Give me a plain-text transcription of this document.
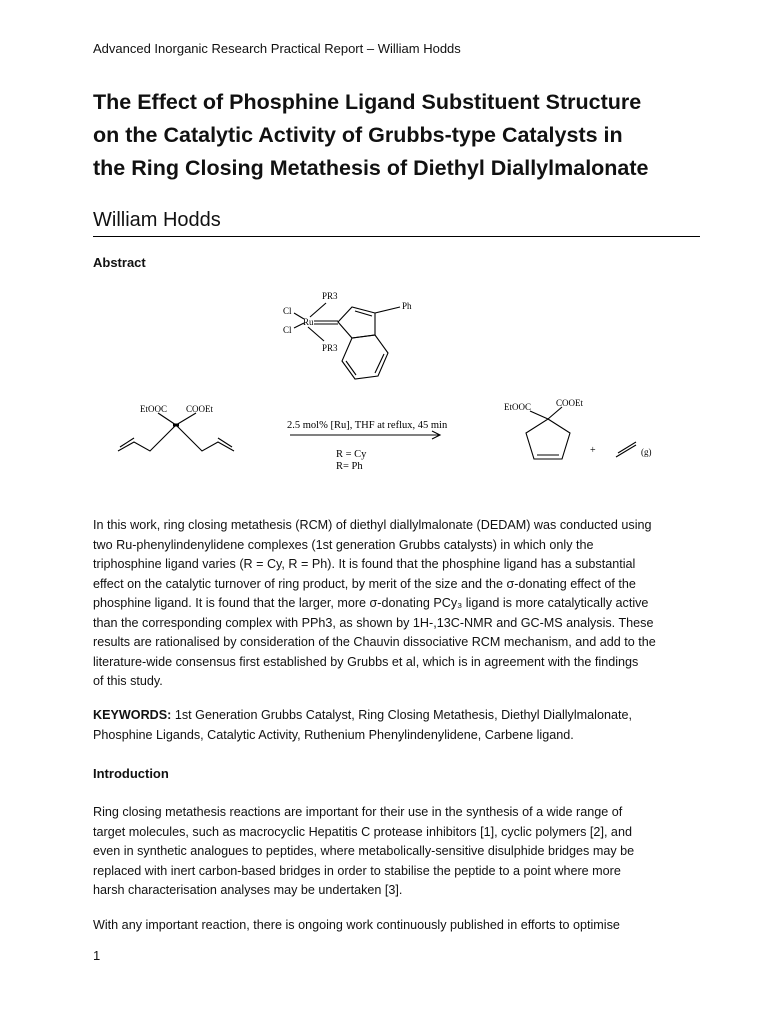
Advanced Inorganic Research Practical Report – William Hodds
The Effect of Phosphine Ligand Substituent Structure
on the Catalytic Activity of Grubbs-type Catalysts in
the Ring Closing Metathesis of Diethyl Diallylmalonate
William Hodds
Abstract
PR3
Cl
Ru
Cl
PR3
Ph
EtOOC COOEt
2.5 mol% [Ru], THF at reflux, 45 min
R = Cy
R= Ph
EtOOC	COOEt
+	(g)
In this work, ring closing metathesis (RCM) of diethyl diallylmalonate (DEDAM) was conducted using
two Ru-phenylindenylidene complexes (1st generation Grubbs catalysts) in which only the
triphosphine ligand varies (R = Cy, R = Ph). It is found that the phosphine ligand has a substantial
effect on the catalytic turnover of ring product, by merit of the size and the σ-donating effect of the
phosphine ligand. It is found that the larger, more σ-donating PCy₃ ligand is more catalytically active
than the corresponding complex with PPh3, as shown by 1H-,13C-NMR and GC-MS analysis. These
results are rationalised by consideration of the Chauvin dissociative RCM mechanism, and add to the
literature-wide consensus first established by Grubbs et al, which is in agreement with the findings
of this study.
KEYWORDS: 1st Generation Grubbs Catalyst, Ring Closing Metathesis, Diethyl Diallylmalonate,
Phosphine Ligands, Catalytic Activity, Ruthenium Phenylindenylidene, Carbene ligand.
Introduction
Ring closing metathesis reactions are important for their use in the synthesis of a wide range of
target molecules, such as macrocyclic Hepatitis C protease inhibitors [1], cyclic polymers [2], and
even in synthetic analogues to peptides, where metabolically-sensitive disulphide bridges may be
replaced with inert carbon-based bridges in order to stabilise the peptide to a point where more
harsh characterisation analyses may be undertaken [3].
With any important reaction, there is ongoing work continuously published in efforts to optimise
1
